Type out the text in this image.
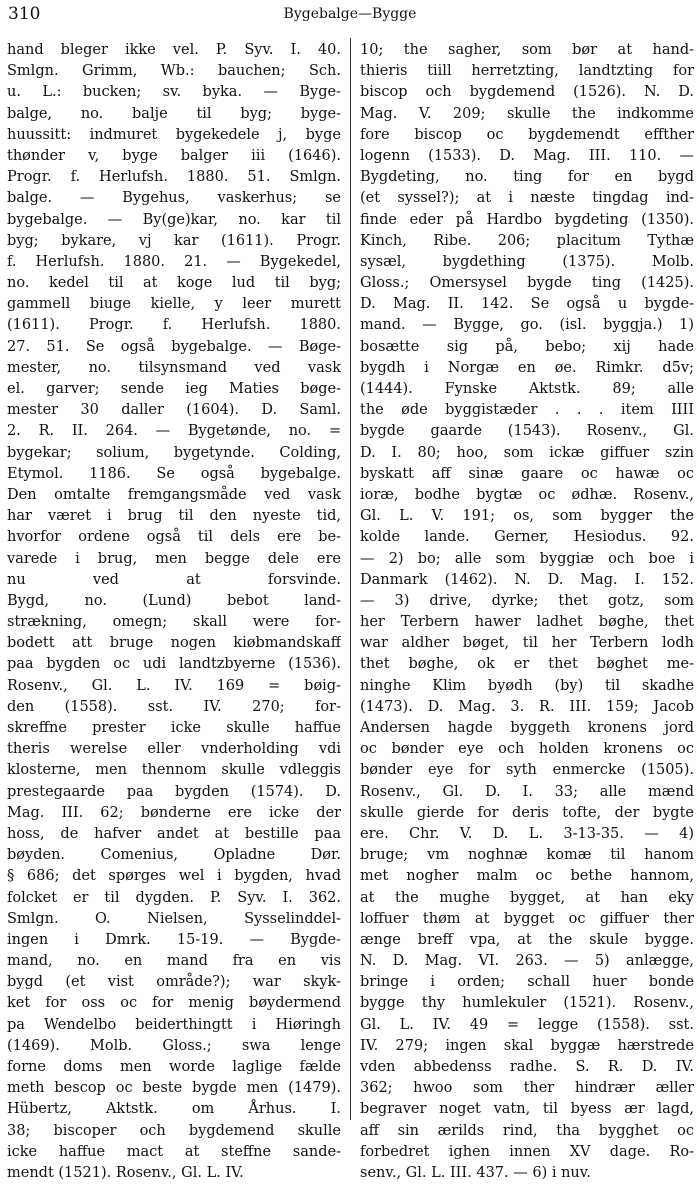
310	Bygebalge—Bygge
hand bleger ikke vel. P. Syv. I. 40.
Smlgn. Grimm, Wb.: bauchen; Sch.
u. L.: bucken; sv. byka. — Byge-
balge, no. balje til byg; byge-
huussitt: indmuret bygekedele j, byge
thønder v, byge balger iii (1646).
Progr. f. Herlufsh. 1880. 51. Smlgn.
balge. — Bygehus, vaskerhus; se
bygebalge. — By(ge)kar, no. kar til
byg; bykare, vj kar (1611). Progr.
f. Herlufsh. 1880. 21. — Bygekedel,
no. kedel til at koge lud til byg;
gammell biuge kielle, y leer murett
(1611). Progr. f. Herlufsh. 1880.
27. 51. Se også bygebalge. — Bøge-
mester, no. tilsynsmand ved vask
el. garver; sende ieg Maties bøge-
mester 30 daller (1604). D. Saml.
2. R. II. 264. — Bygetønde, no. =
bygekar; solium, bygetynde. Colding,
Etymol. 1186. Se også bygebalge.
Den omtalte fremgangsmåde ved vask
har været i brug til den nyeste tid,
hvorfor ordene også til dels ere be-
varede i brug, men begge dele ere
nu ved at forsvinde.
Bygd, no. (Lund) bebot land-
strækning, omegn; skall were for-
bodett att bruge nogen kiøbmandskaff
paa bygden oc udi landtzbyerne (1536).
Rosenv., Gl. L. IV. 169 = bøig-
den (1558). sst. IV. 270; for-
skreffne prester icke skulle haffue
theris werelse eller vnderholding vdi
klosterne, men thennom skulle vdleggis
prestegaarde paa bygden (1574). D.
Mag. III. 62; bønderne ere icke der
hoss, de hafver andet at bestille paa
bøyden. Comenius, Opladne Dør.
§ 686; det spørges wel i bygden, hvad
folcket er til dygden. P. Syv. I. 362.
Smlgn. O. Nielsen, Sysselinddel-
ingen i Dmrk. 15-19. — Bygde-
mand, no. en mand fra en vis
bygd (et vist område?); war skyk-
ket for oss oc for menig bøydermend
pa Wendelbo beiderthingtt i Hiøringh
(1469). Molb. Gloss.; swa lenge
forne doms men worde laglige fælde
meth bescop oc beste bygde men (1479).
Hübertz, Aktstk. om Århus. I.
38; biscoper och bygdemend skulle
icke haffue mact at steffne sande-
mendt (1521). Rosenv., Gl. L. IV.
10; the sagher, som bør at hand-
thieris tiill herretzting, landtzting for
biscop och bygdemend (1526). N. D.
Mag. V. 209; skulle the indkomme
fore biscop oc bygdemendt effther
logenn (1533). D. Mag. III. 110. —
Bygdeting, no. ting for en bygd
(et syssel?); at i næste tingdag ind-
finde eder på Hardbo bygdeting (1350).
Kinch, Ribe. 206; placitum Tythæ
sysæl, bygdething (1375). Molb.
Gloss.; Omersysel bygde ting (1425).
D. Mag. II. 142. Se også u bygde-
mand. — Bygge, go. (isl. byggja.) 1)
bosætte sig på, bebo; xij hade
bygdh i Norgæ en øe. Rimkr. d5v;
(1444). Fynske Aktstk. 89; alle
the øde byggistæder . . . item IIII
bygde gaarde (1543). Rosenv., Gl.
D. I. 80; hoo, som ickæ giffuer szin
byskatt aff sinæ gaare oc hawæ oc
ioræ, bodhe bygtæ oc ødhæ. Rosenv.,
Gl. L. V. 191; os, som bygger the
kolde lande. Gerner, Hesiodus. 92.
— 2) bo; alle som byggiæ och boe i
Danmark (1462). N. D. Mag. I. 152.
— 3) drive, dyrke; thet gotz, som
her Terbern hawer ladhet bøghe, thet
war aldher bøget, til her Terbern lodh
thet bøghe, ok er thet bøghet me-
ninghe Klim byødh (by) til skadhe
(1473). D. Mag. 3. R. III. 159; Jacob
Andersen hagde byggeth kronens jord
oc bønder eye och holden kronens oc
bønder eye for syth enmercke (1505).
Rosenv., Gl. D. I. 33; alle mænd
skulle gierde for deris tofte, der bygte
ere. Chr. V. D. L. 3-13-35. — 4)
bruge; vm noghnæ komæ til hanom
met nogher malm oc bethe hannom,
at the mughe bygget, at han eky
loffuer thøm at bygget oc giffuer ther
ænge breff vpa, at the skule bygge.
N. D. Mag. VI. 263. — 5) anlægge,
bringe i orden; schall huer bonde
bygge thy humlekuler (1521). Rosenv.,
Gl. L. IV. 49 = legge (1558). sst.
IV. 279; ingen skal byggæ hærstrede
vden abbedenss radhe. S. R. D. IV.
362; hwoo som ther hindrær æller
begraver noget vatn, til byess ær lagd,
aff sin ærilds rind, tha bygghet oc
forbedret ighen innen XV dage. Ro-
senv., Gl. L. III. 437. — 6) i nuv.
